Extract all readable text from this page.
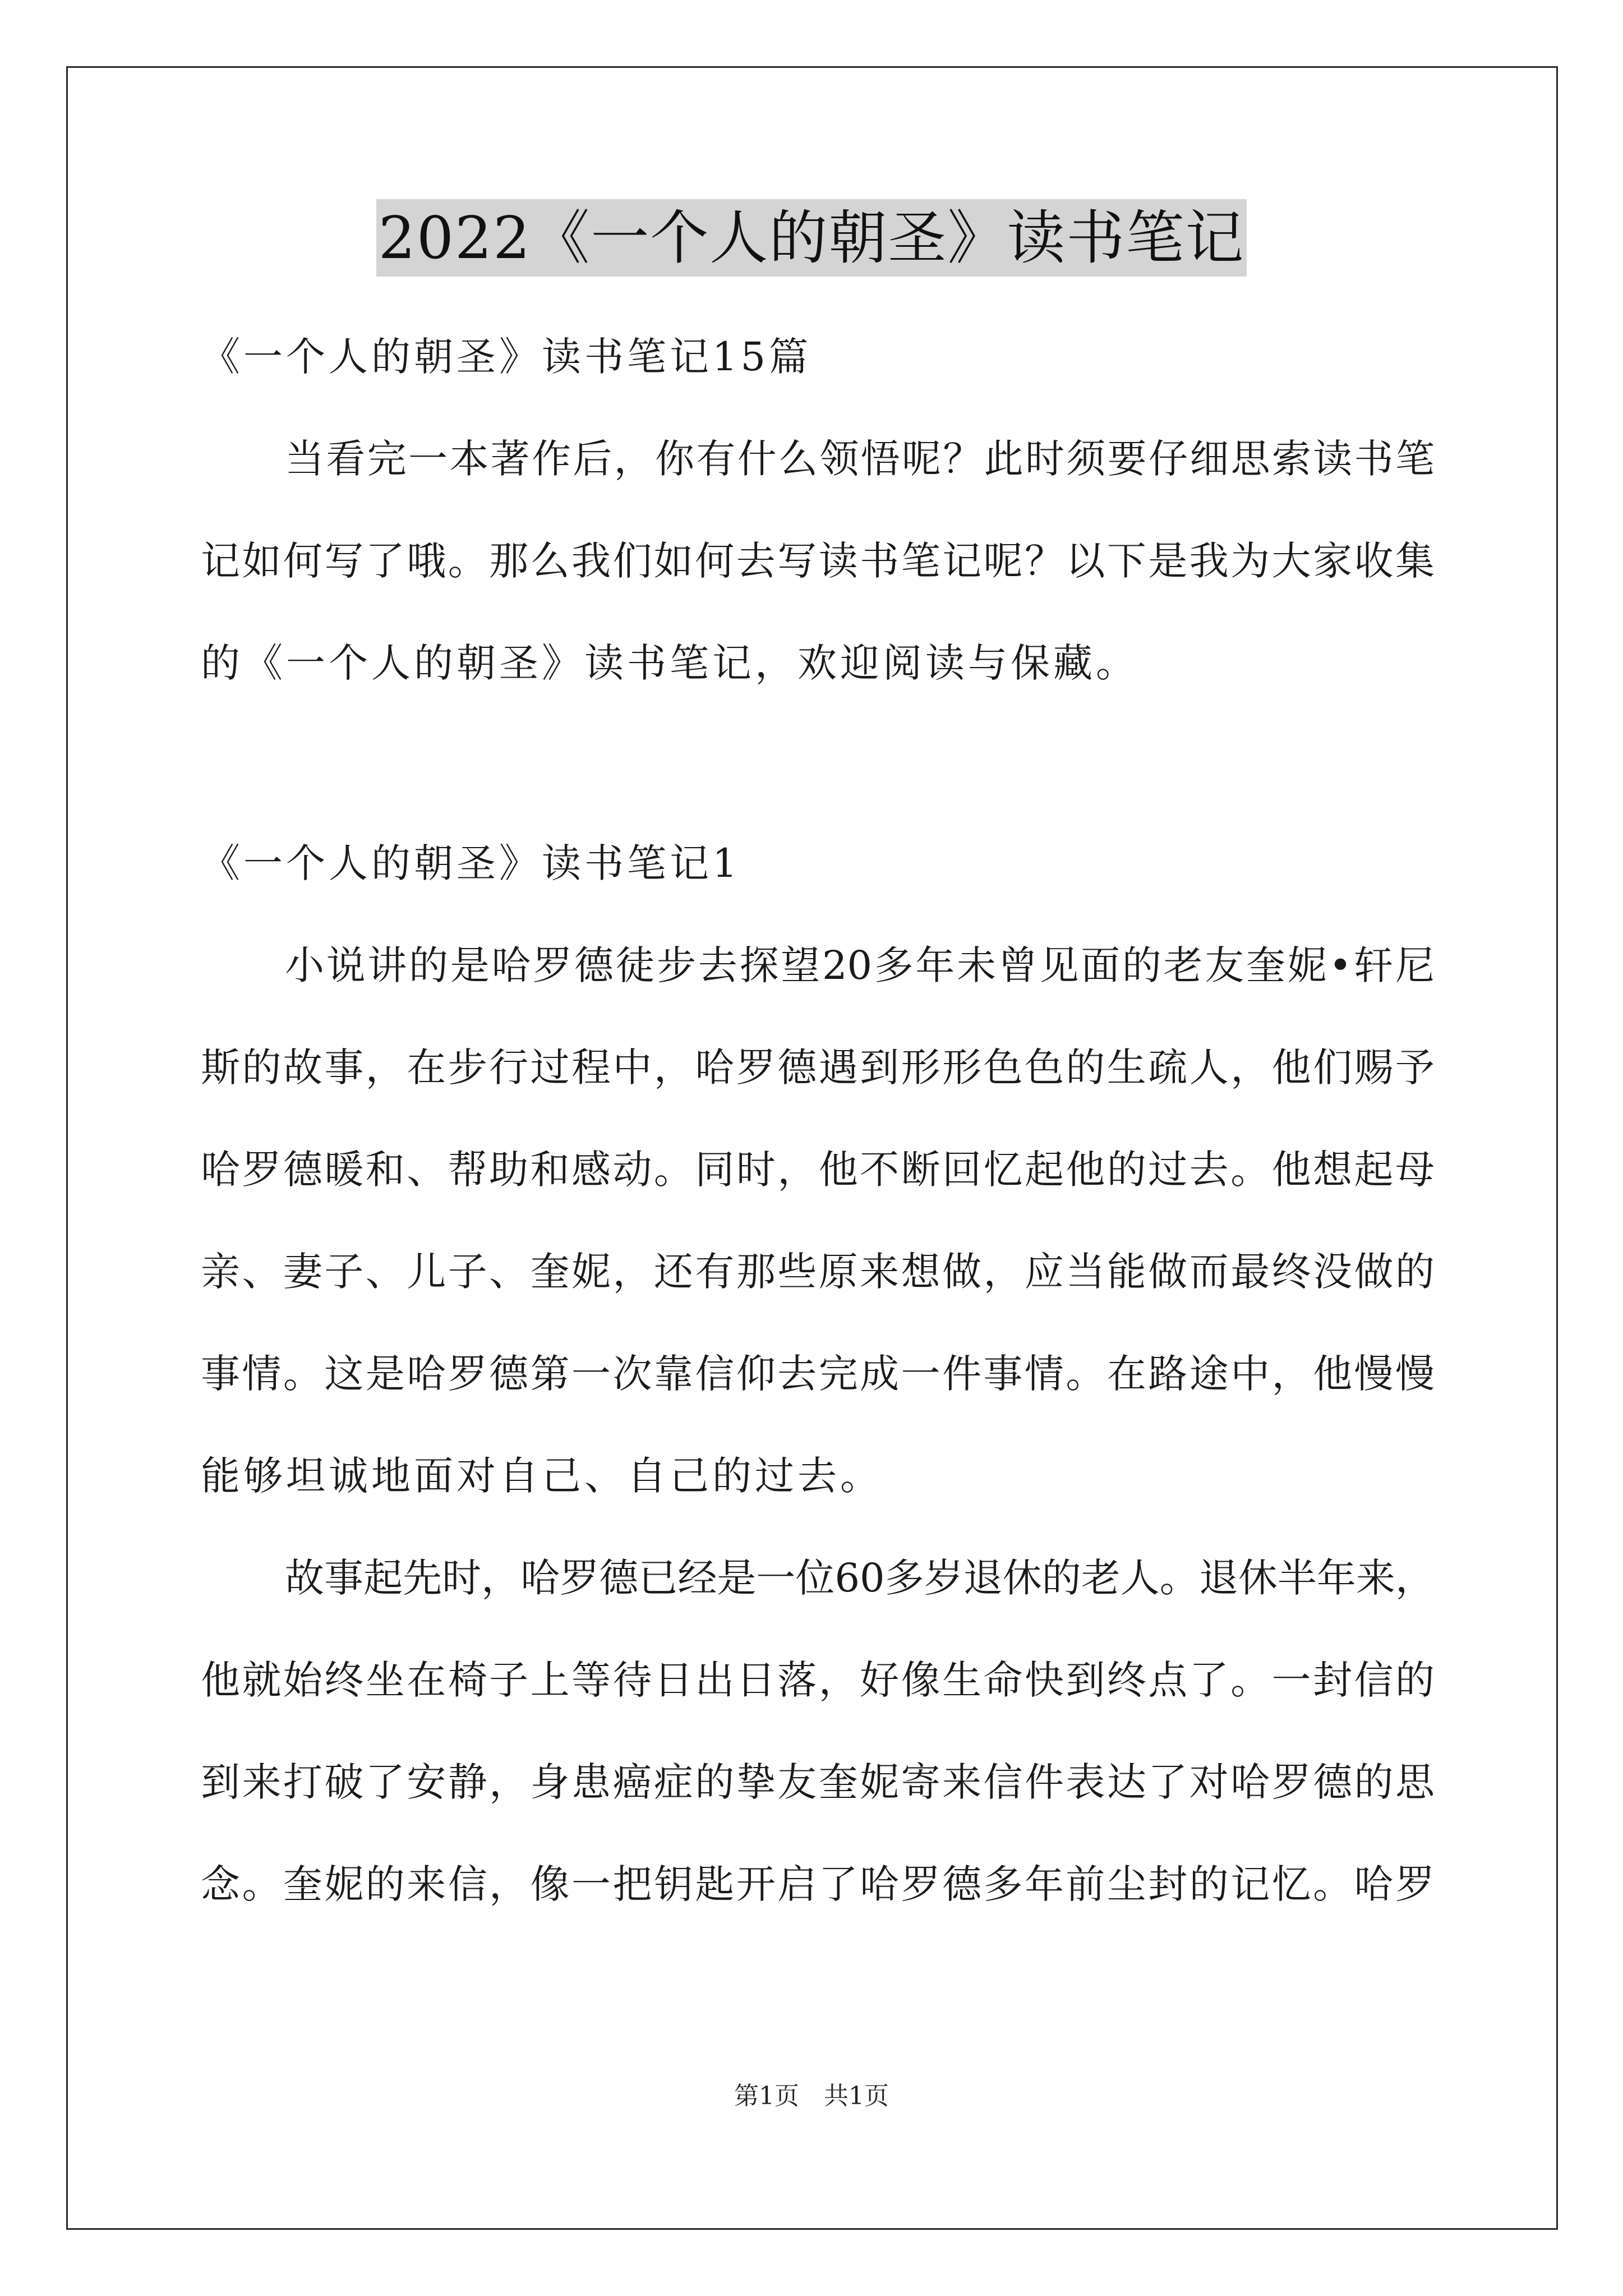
2022《一个人的朝圣》读书笔记
《一个人的朝圣》读书笔记15篇
当看完一本著作后，你有什么领悟呢？此时须要仔细思索读书笔
记如何写了哦。那么我们如何去写读书笔记呢？以下是我为大家收集
的《一个人的朝圣》读书笔记，欢迎阅读与保藏。
《一个人的朝圣》读书笔记1
小说讲的是哈罗德徒步去探望20多年未曾见面的老友奎妮•轩尼
斯的故事，在步行过程中，哈罗德遇到形形色色的生疏人，他们赐予
哈罗德暖和、帮助和感动。同时，他不断回忆起他的过去。他想起母
亲、妻子、儿子、奎妮，还有那些原来想做，应当能做而最终没做的
事情。这是哈罗德第一次靠信仰去完成一件事情。在路途中，他慢慢
能够坦诚地面对自己、自己的过去。
故事起先时，哈罗德已经是一位60多岁退休的老人。退休半年来，
他就始终坐在椅子上等待日出日落，好像生命快到终点了。一封信的
到来打破了安静，身患癌症的挚友奎妮寄来信件表达了对哈罗德的思
念。奎妮的来信，像一把钥匙开启了哈罗德多年前尘封的记忆。哈罗
第1页　共1页
